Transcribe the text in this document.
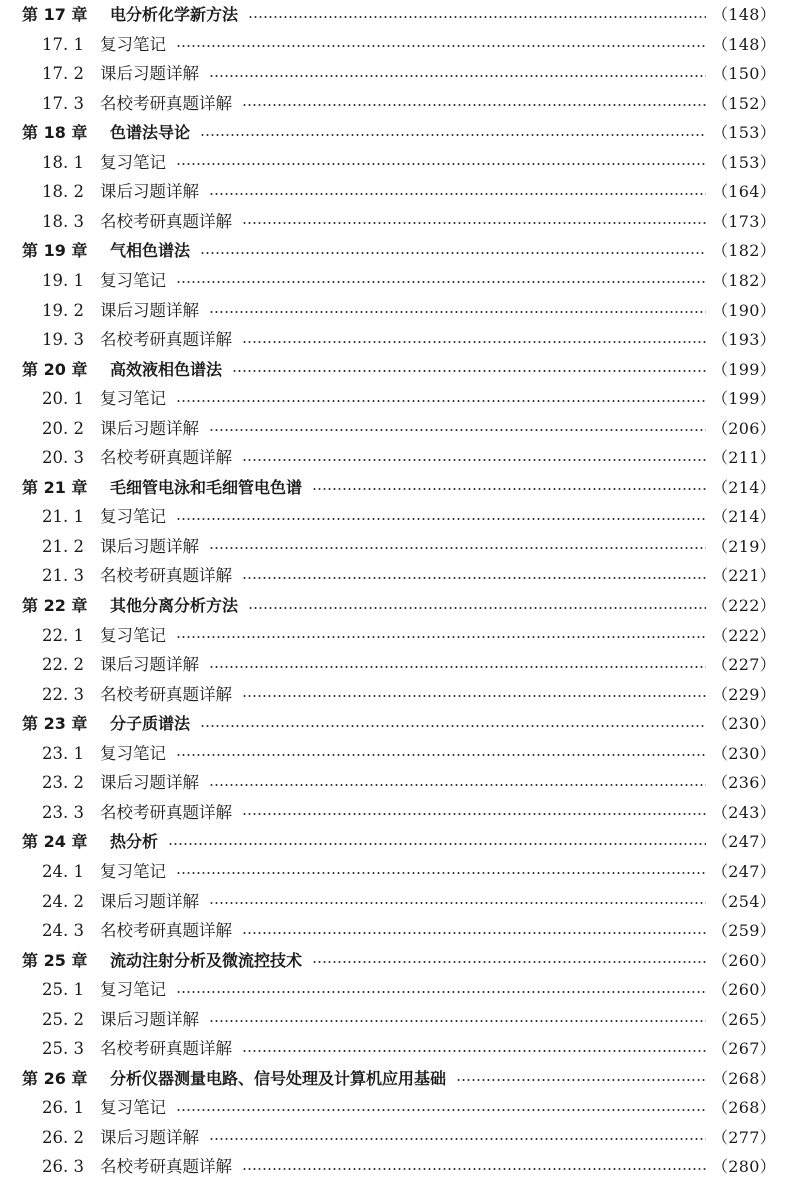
第 17 章	电分析化学新方法	（148）
17. 1 复习笔记	（148）
17. 2 课后习题详解	（150）
17. 3 名校考研真题详解	（152）
第 18 章	色谱法导论	（153）
18. 1 复习笔记	（153）
18. 2 课后习题详解	（164）
18. 3 名校考研真题详解	（173）
第 19 章	气相色谱法	（182）
19. 1 复习笔记	（182）
19. 2 课后习题详解	（190）
19. 3 名校考研真题详解	（193）
第 20 章	高效液相色谱法	（199）
20. 1 复习笔记	（199）
20. 2 课后习题详解	（206）
20. 3 名校考研真题详解	（211）
第 21 章	毛细管电泳和毛细管电色谱	（214）
21. 1 复习笔记	（214）
21. 2 课后习题详解	（219）
21. 3 名校考研真题详解	（221）
第 22 章	其他分离分析方法	（222）
22. 1 复习笔记	（222）
22. 2 课后习题详解	（227）
22. 3 名校考研真题详解	（229）
第 23 章	分子质谱法	（230）
23. 1 复习笔记	（230）
23. 2 课后习题详解	（236）
23. 3 名校考研真题详解	（243）
第 24 章	热分析	（247）
24. 1 复习笔记	（247）
24. 2 课后习题详解	（254）
24. 3 名校考研真题详解	（259）
第 25 章	流动注射分析及微流控技术	（260）
25. 1 复习笔记	（260）
25. 2 课后习题详解	（265）
25. 3 名校考研真题详解	（267）
第 26 章	分析仪器测量电路、信号处理及计算机应用基础	（268）
26. 1 复习笔记	（268）
26. 2 课后习题详解	（277）
26. 3 名校考研真题详解	（280）
